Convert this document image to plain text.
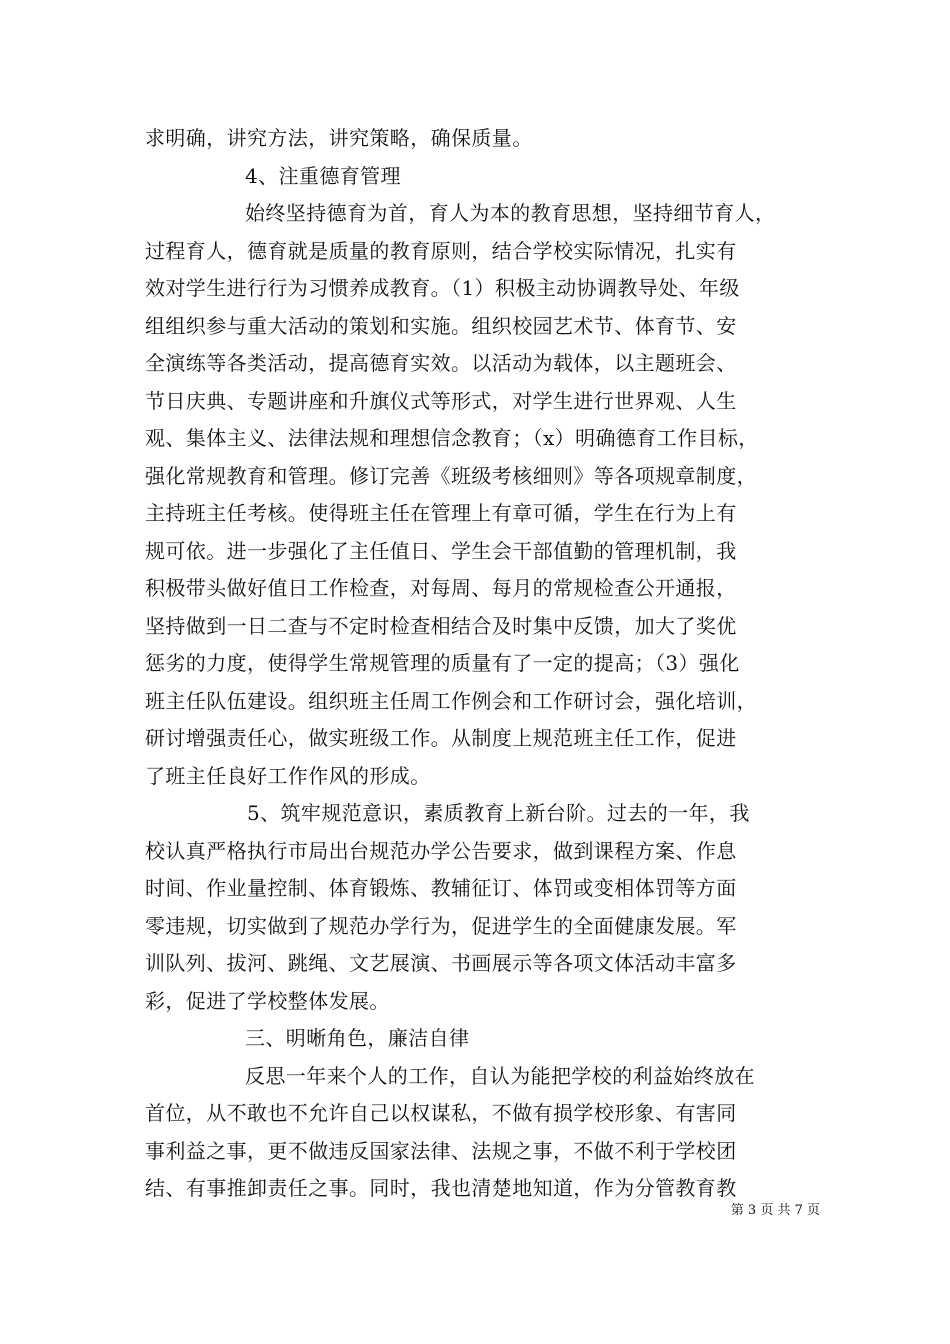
求明确，讲究方法，讲究策略，确保质量。
4、注重德育管理
始终坚持德育为首，育人为本的教育思想，坚持细节育人，
过程育人，德育就是质量的教育原则，结合学校实际情况，扎实有
效对学生进行行为习惯养成教育。（1）积极主动协调教导处、年级
组组织参与重大活动的策划和实施。组织校园艺术节、体育节、安
全演练等各类活动，提高德育实效。以活动为载体，以主题班会、
节日庆典、专题讲座和升旗仪式等形式，对学生进行世界观、人生
观、集体主义、法律法规和理想信念教育；（x）明确德育工作目标，
强化常规教育和管理。修订完善《班级考核细则》等各项规章制度，
主持班主任考核。使得班主任在管理上有章可循，学生在行为上有
规可依。进一步强化了主任值日、学生会干部值勤的管理机制，我
积极带头做好值日工作检查，对每周、每月的常规检查公开通报，
坚持做到一日二查与不定时检查相结合及时集中反馈，加大了奖优
惩劣的力度，使得学生常规管理的质量有了一定的提高；（3）强化
班主任队伍建设。组织班主任周工作例会和工作研讨会，强化培训，
研讨增强责任心，做实班级工作。从制度上规范班主任工作，促进
了班主任良好工作作风的形成。
5、筑牢规范意识，素质教育上新台阶。过去的一年，我
校认真严格执行市局出台规范办学公告要求，做到课程方案、作息
时间、作业量控制、体育锻炼、教辅征订、体罚或变相体罚等方面
零违规，切实做到了规范办学行为，促进学生的全面健康发展。军
训队列、拔河、跳绳、文艺展演、书画展示等各项文体活动丰富多
彩，促进了学校整体发展。
三、明晰角色，廉洁自律
反思一年来个人的工作，自认为能把学校的利益始终放在
首位，从不敢也不允许自己以权谋私，不做有损学校形象、有害同
事利益之事，更不做违反国家法律、法规之事，不做不利于学校团
结、有事推卸责任之事。同时，我也清楚地知道，作为分管教育教
第 3 页 共 7 页
